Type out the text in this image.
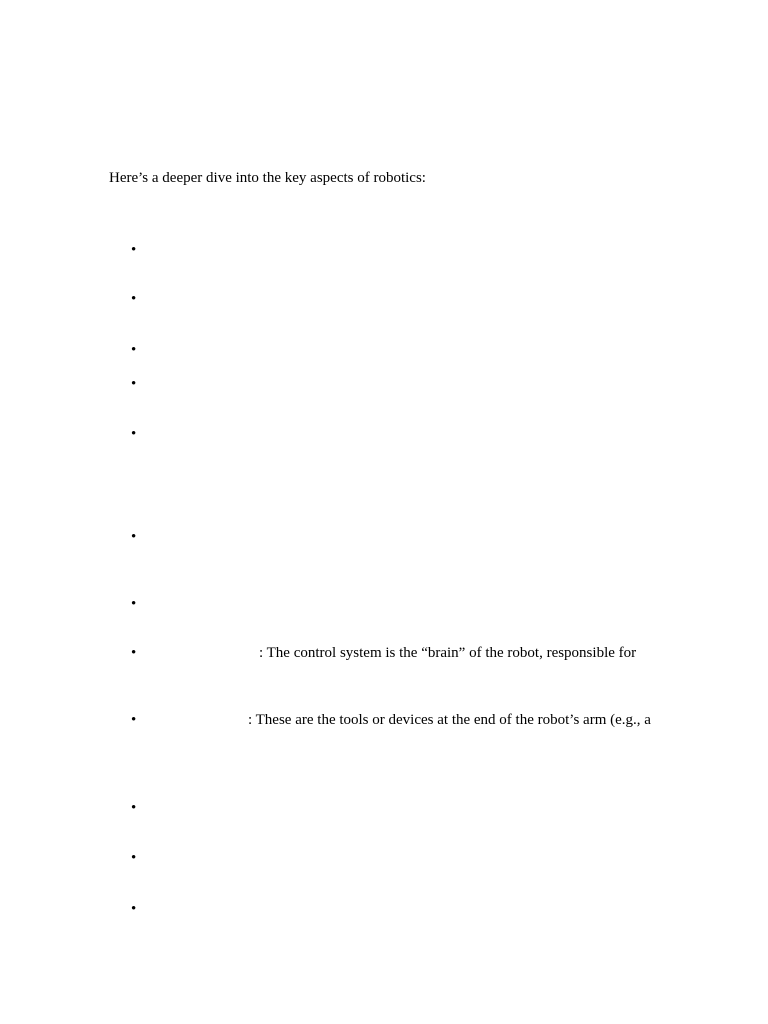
Here’s a deeper dive into the key aspects of robotics:
•
•
•
•
•
•
•
•	: The control system is the “brain” of the robot, responsible for
•	: These are the tools or devices at the end of the robot’s arm (e.g., a
•
•
•
